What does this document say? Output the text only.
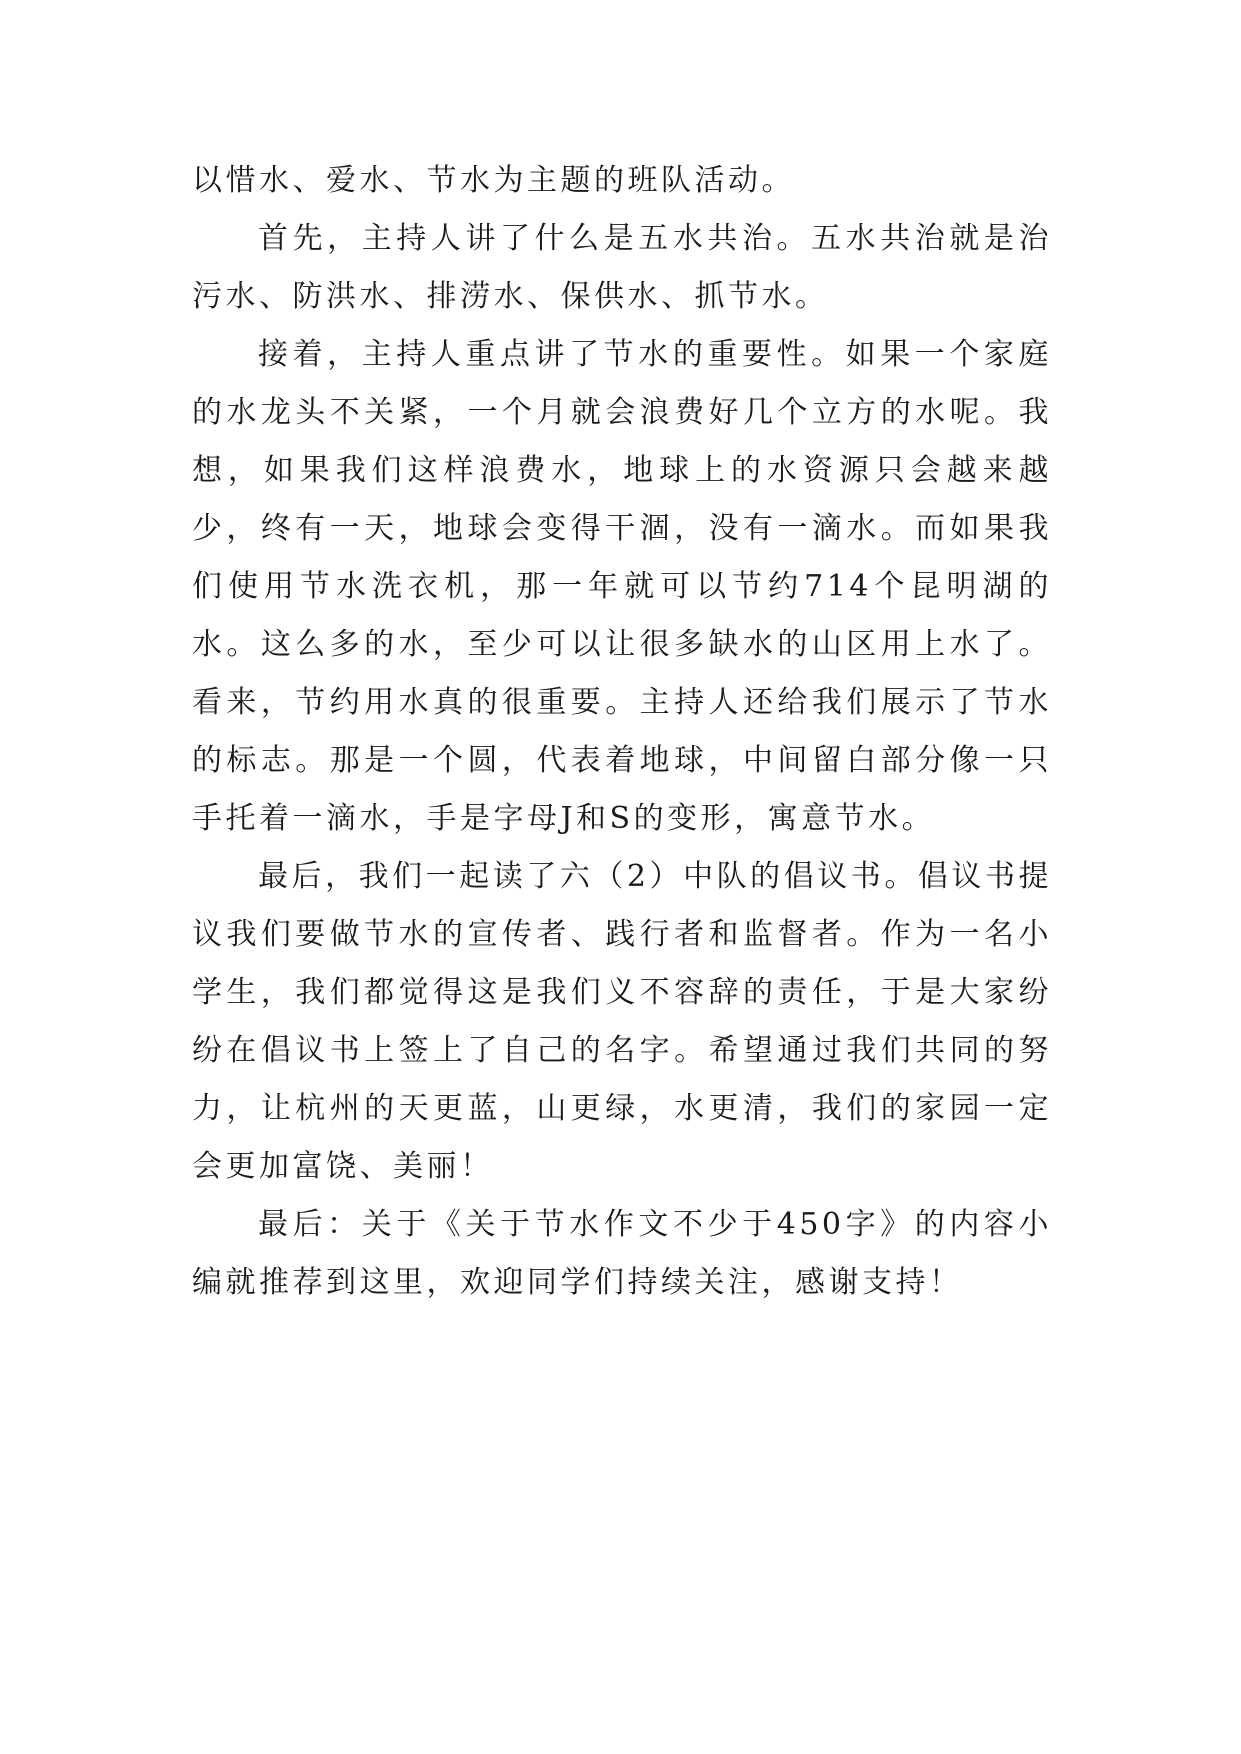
以惜水、爱水、节水为主题的班队活动。

首先，主持人讲了什么是五水共治。五水共治就是治污水、防洪水、排涝水、保供水、抓节水。

接着，主持人重点讲了节水的重要性。如果一个家庭的水龙头不关紧，一个月就会浪费好几个立方的水呢。我想，如果我们这样浪费水，地球上的水资源只会越来越少，终有一天，地球会变得干涸，没有一滴水。而如果我们使用节水洗衣机，那一年就可以节约714个昆明湖的水。这么多的水，至少可以让很多缺水的山区用上水了。看来，节约用水真的很重要。主持人还给我们展示了节水的标志。那是一个圆，代表着地球，中间留白部分像一只手托着一滴水，手是字母J和S的变形，寓意节水。

最后，我们一起读了六（2）中队的倡议书。倡议书提议我们要做节水的宣传者、践行者和监督者。作为一名小学生，我们都觉得这是我们义不容辞的责任，于是大家纷纷在倡议书上签上了自己的名字。希望通过我们共同的努力，让杭州的天更蓝，山更绿，水更清，我们的家园一定会更加富饶、美丽！

最后：关于《关于节水作文不少于450字》的内容小编就推荐到这里，欢迎同学们持续关注，感谢支持！
